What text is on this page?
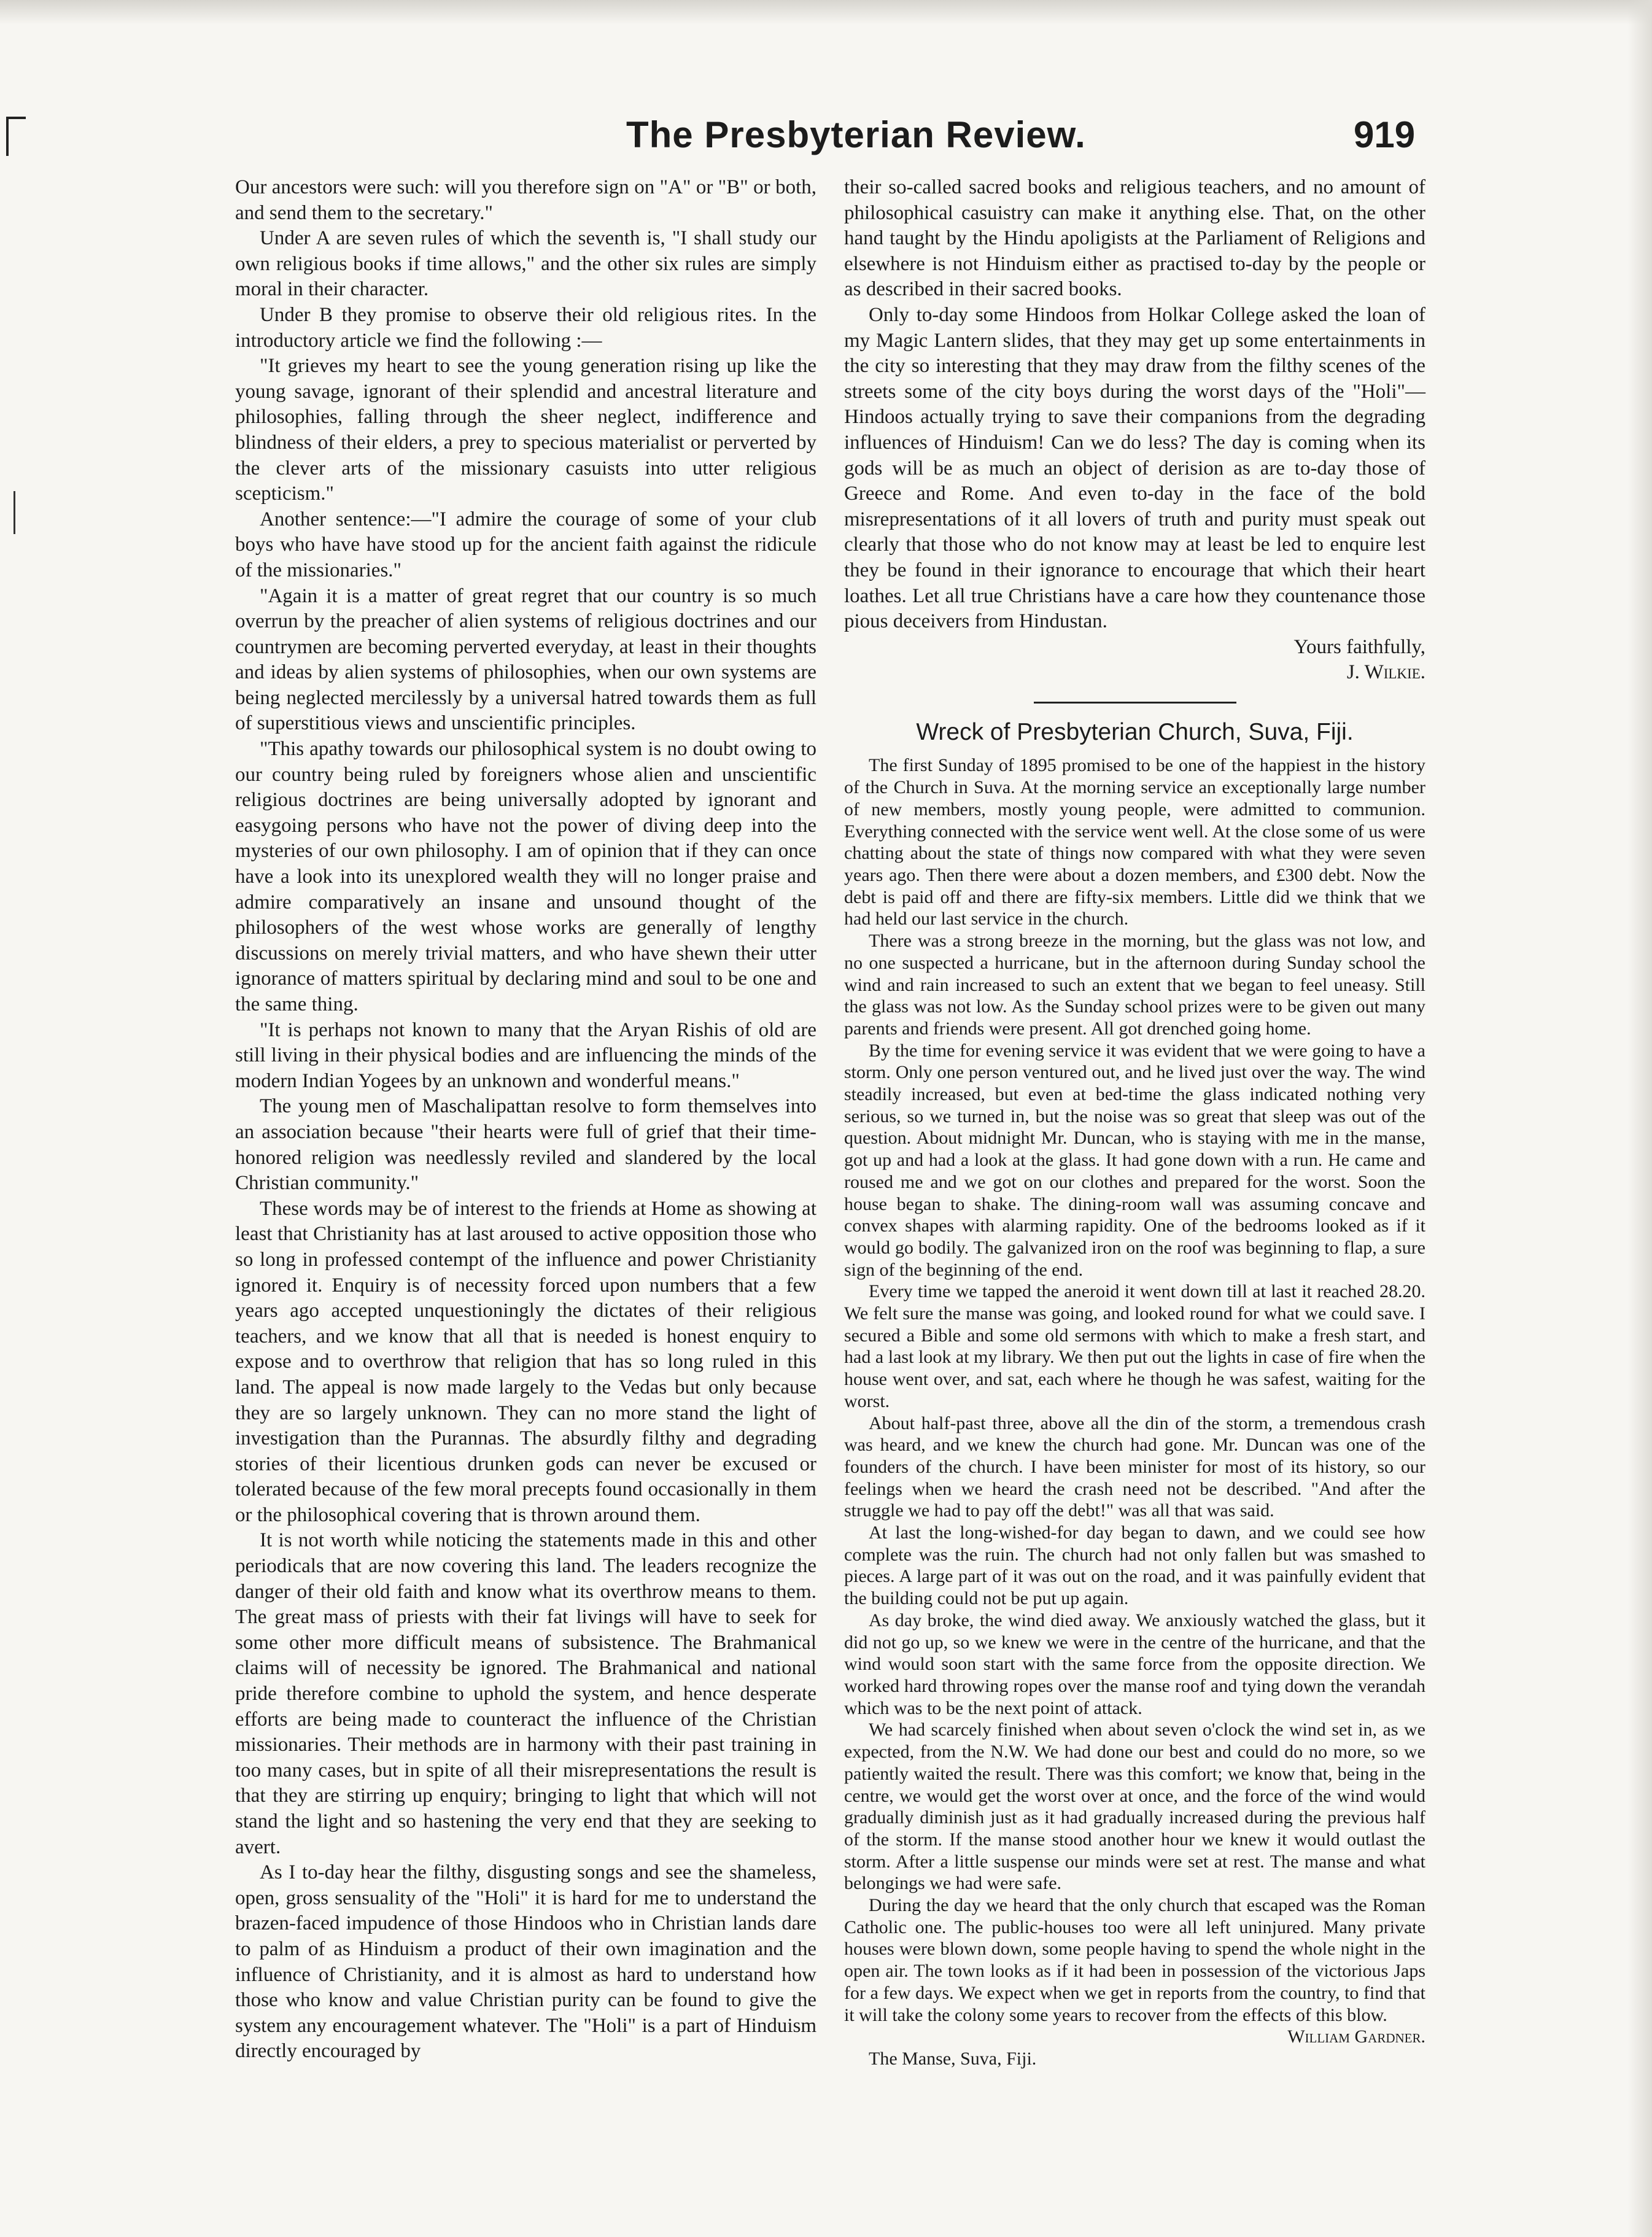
The Presbyterian Review.	919

Our ancestors were such: will you therefore sign on "A" or "B" or both, and send them to the secretary."

Under A are seven rules of which the seventh is, "I shall study our own religious books if time allows," and the other six rules are simply moral in their character.

Under B they promise to observe their old religious rites. In the introductory article we find the following :—

"It grieves my heart to see the young generation rising up like the young savage, ignorant of their splendid and ancestral literature and philosophies, falling through the sheer neglect, indifference and blindness of their elders, a prey to specious materialist or perverted by the clever arts of the missionary casuists into utter religious scepticism."

Another sentence:—"I admire the courage of some of your club boys who have have stood up for the ancient faith against the ridicule of the missionaries."

"Again it is a matter of great regret that our country is so much overrun by the preacher of alien systems of religious doctrines and our countrymen are becoming perverted everyday, at least in their thoughts and ideas by alien systems of philosophies, when our own systems are being neglected mercilessly by a universal hatred towards them as full of superstitious views and unscientific principles.

"This apathy towards our philosophical system is no doubt owing to our country being ruled by foreigners whose alien and unscientific religious doctrines are being universally adopted by ignorant and easygoing persons who have not the power of diving deep into the mysteries of our own philosophy. I am of opinion that if they can once have a look into its unexplored wealth they will no longer praise and admire comparatively an insane and unsound thought of the philosophers of the west whose works are generally of lengthy discussions on merely trivial matters, and who have shewn their utter ignorance of matters spiritual by declaring mind and soul to be one and the same thing.

"It is perhaps not known to many that the Aryan Rishis of old are still living in their physical bodies and are influencing the minds of the modern Indian Yogees by an unknown and wonderful means."

The young men of Maschalipattan resolve to form themselves into an association because "their hearts were full of grief that their time-honored religion was needlessly reviled and slandered by the local Christian community."

These words may be of interest to the friends at Home as showing at least that Christianity has at last aroused to active opposition those who so long in professed contempt of the influence and power Christianity ignored it. Enquiry is of necessity forced upon numbers that a few years ago accepted unquestioningly the dictates of their religious teachers, and we know that all that is needed is honest enquiry to expose and to overthrow that religion that has so long ruled in this land. The appeal is now made largely to the Vedas but only because they are so largely unknown. They can no more stand the light of investigation than the Purannas. The absurdly filthy and degrading stories of their licentious drunken gods can never be excused or tolerated because of the few moral precepts found occasionally in them or the philosophical covering that is thrown around them.

It is not worth while noticing the statements made in this and other periodicals that are now covering this land. The leaders recognize the danger of their old faith and know what its overthrow means to them. The great mass of priests with their fat livings will have to seek for some other more difficult means of subsistence. The Brahmanical claims will of necessity be ignored. The Brahmanical and national pride therefore combine to uphold the system, and hence desperate efforts are being made to counteract the influence of the Christian missionaries. Their methods are in harmony with their past training in too many cases, but in spite of all their misrepresentations the result is that they are stirring up enquiry; bringing to light that which will not stand the light and so hastening the very end that they are seeking to avert.

As I to-day hear the filthy, disgusting songs and see the shameless, open, gross sensuality of the "Holi" it is hard for me to understand the brazen-faced impudence of those Hindoos who in Christian lands dare to palm of as Hinduism a product of their own imagination and the influence of Christianity, and it is almost as hard to understand how those who know and value Christian purity can be found to give the system any encouragement whatever. The "Holi" is a part of Hinduism directly encouraged by

their so-called sacred books and religious teachers, and no amount of philosophical casuistry can make it anything else. That, on the other hand taught by the Hindu apoligists at the Parliament of Religions and elsewhere is not Hinduism either as practised to-day by the people or as described in their sacred books.

Only to-day some Hindoos from Holkar College asked the loan of my Magic Lantern slides, that they may get up some entertainments in the city so interesting that they may draw from the filthy scenes of the streets some of the city boys during the worst days of the "Holi"—Hindoos actually trying to save their companions from the degrading influences of Hinduism! Can we do less? The day is coming when its gods will be as much an object of derision as are to-day those of Greece and Rome. And even to-day in the face of the bold misrepresentations of it all lovers of truth and purity must speak out clearly that those who do not know may at least be led to enquire lest they be found in their ignorance to encourage that which their heart loathes. Let all true Christians have a care how they countenance those pious deceivers from Hindustan.

Yours faithfully,

J. Wilkie.

Wreck of Presbyterian Church, Suva, Fiji.

The first Sunday of 1895 promised to be one of the happiest in the history of the Church in Suva. At the morning service an exceptionally large number of new members, mostly young people, were admitted to communion. Everything connected with the service went well. At the close some of us were chatting about the state of things now compared with what they were seven years ago. Then there were about a dozen members, and £300 debt. Now the debt is paid off and there are fifty-six members. Little did we think that we had held our last service in the church.

There was a strong breeze in the morning, but the glass was not low, and no one suspected a hurricane, but in the afternoon during Sunday school the wind and rain increased to such an extent that we began to feel uneasy. Still the glass was not low. As the Sunday school prizes were to be given out many parents and friends were present. All got drenched going home.

By the time for evening service it was evident that we were going to have a storm. Only one person ventured out, and he lived just over the way. The wind steadily increased, but even at bed-time the glass indicated nothing very serious, so we turned in, but the noise was so great that sleep was out of the question. About midnight Mr. Duncan, who is staying with me in the manse, got up and had a look at the glass. It had gone down with a run. He came and roused me and we got on our clothes and prepared for the worst. Soon the house began to shake. The dining-room wall was assuming concave and convex shapes with alarming rapidity. One of the bedrooms looked as if it would go bodily. The galvanized iron on the roof was beginning to flap, a sure sign of the beginning of the end.

Every time we tapped the aneroid it went down till at last it reached 28.20. We felt sure the manse was going, and looked round for what we could save. I secured a Bible and some old sermons with which to make a fresh start, and had a last look at my library. We then put out the lights in case of fire when the house went over, and sat, each where he though he was safest, waiting for the worst.

About half-past three, above all the din of the storm, a tremendous crash was heard, and we knew the church had gone. Mr. Duncan was one of the founders of the church. I have been minister for most of its history, so our feelings when we heard the crash need not be described. "And after the struggle we had to pay off the debt!" was all that was said.

At last the long-wished-for day began to dawn, and we could see how complete was the ruin. The church had not only fallen but was smashed to pieces. A large part of it was out on the road, and it was painfully evident that the building could not be put up again.

As day broke, the wind died away. We anxiously watched the glass, but it did not go up, so we knew we were in the centre of the hurricane, and that the wind would soon start with the same force from the opposite direction. We worked hard throwing ropes over the manse roof and tying down the verandah which was to be the next point of attack.

We had scarcely finished when about seven o'clock the wind set in, as we expected, from the N.W. We had done our best and could do no more, so we patiently waited the result. There was this comfort; we know that, being in the centre, we would get the worst over at once, and the force of the wind would gradually diminish just as it had gradually increased during the previous half of the storm. If the manse stood another hour we knew it would outlast the storm. After a little suspense our minds were set at rest. The manse and what belongings we had were safe.

During the day we heard that the only church that escaped was the Roman Catholic one. The public-houses too were all left uninjured. Many private houses were blown down, some people having to spend the whole night in the open air. The town looks as if it had been in possession of the victorious Japs for a few days. We expect when we get in reports from the country, to find that it will take the colony some years to recover from the effects of this blow.

William Gardner.

The Manse, Suva, Fiji.
